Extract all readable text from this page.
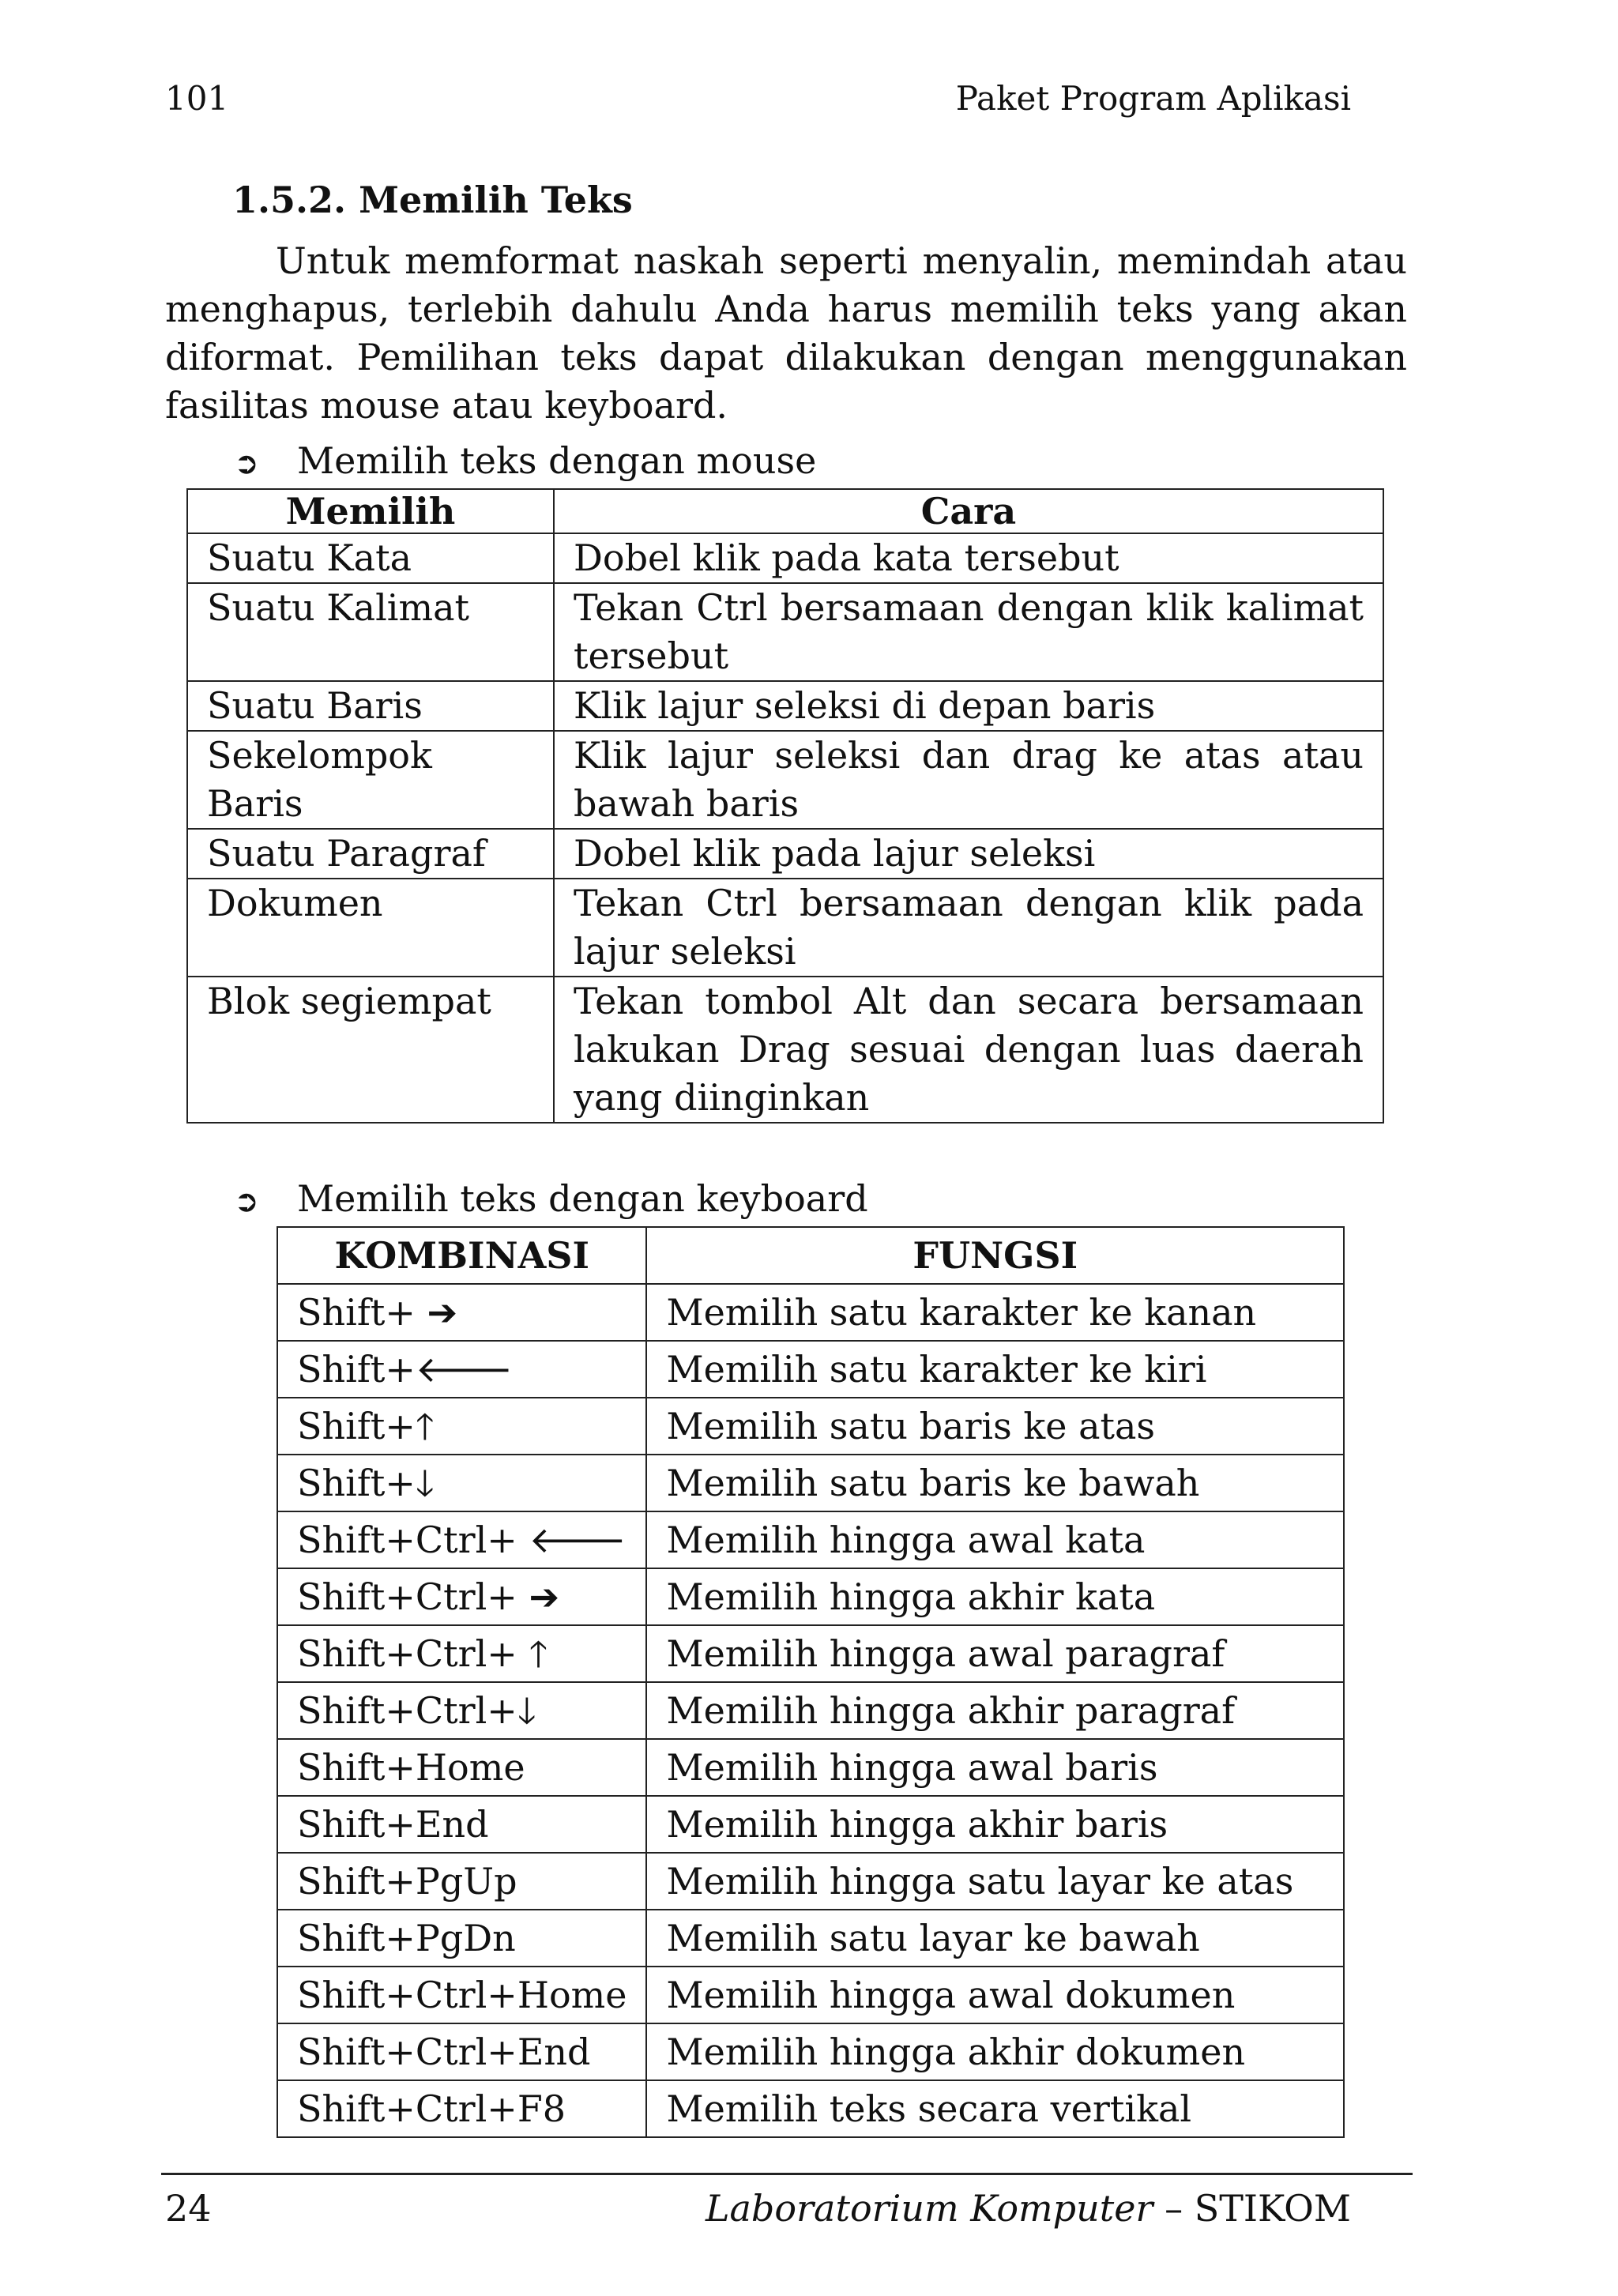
101	Paket Program Aplikasi
1.5.2. Memilih Teks
Untuk memformat naskah seperti menyalin, memindah atau menghapus, terlebih dahulu Anda harus memilih teks yang akan diformat. Pemilihan teks dapat dilakukan dengan menggunakan fasilitas mouse atau keyboard.
➲ Memilih teks dengan mouse
Memilih	Cara
Suatu Kata	Dobel klik pada kata tersebut
Suatu Kalimat	Tekan Ctrl bersamaan dengan klik kalimat tersebut
Suatu Baris	Klik lajur seleksi di depan baris
Sekelompok Baris	Klik lajur seleksi dan drag ke atas atau bawah baris
Suatu Paragraf	Dobel klik pada lajur seleksi
Dokumen	Tekan Ctrl bersamaan dengan klik pada lajur seleksi
Blok segiempat	Tekan tombol Alt dan secara bersamaan lakukan Drag sesuai dengan luas daerah yang diinginkan
➲ Memilih teks dengan keyboard
KOMBINASI	FUNGSI
Shift+ ➔	Memilih satu karakter ke kanan
Shift+🡐	Memilih satu karakter ke kiri
Shift+🡑	Memilih satu baris ke atas
Shift+🡓	Memilih satu baris ke bawah
Shift+Ctrl+ 🡐	Memilih hingga awal kata
Shift+Ctrl+ ➔	Memilih hingga akhir kata
Shift+Ctrl+ 🡑	Memilih hingga awal paragraf
Shift+Ctrl+🡓	Memilih hingga akhir paragraf
Shift+Home	Memilih hingga awal baris
Shift+End	Memilih hingga akhir baris
Shift+PgUp	Memilih hingga satu layar ke atas
Shift+PgDn	Memilih satu layar ke bawah
Shift+Ctrl+Home	Memilih hingga awal dokumen
Shift+Ctrl+End	Memilih hingga akhir dokumen
Shift+Ctrl+F8	Memilih teks secara vertikal
24	Laboratorium Komputer – STIKOM
